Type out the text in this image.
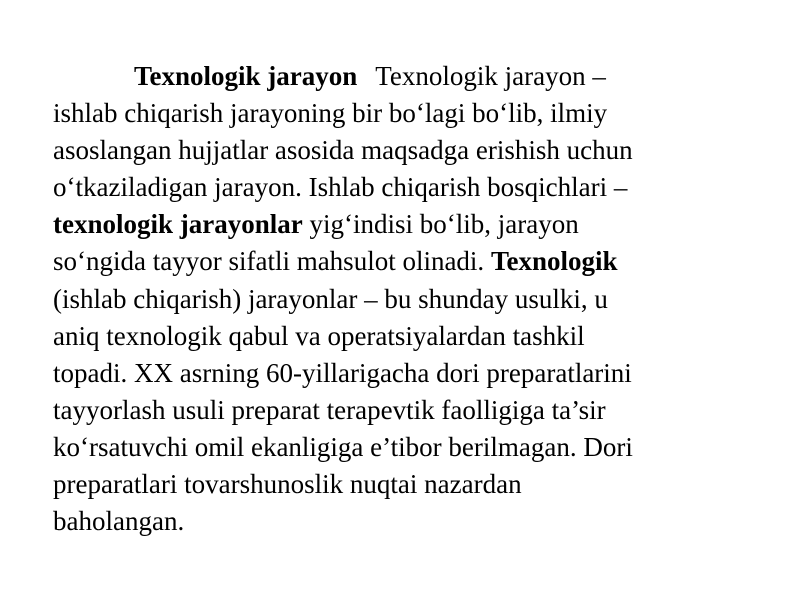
Texnologik jarayon Texnologik jarayon –
ishlab chiqarish jarayoning bir bo‘lagi bo‘lib, ilmiy
asoslangan hujjatlar asosida maqsadga erishish uchun
o‘tkaziladigan jarayon. Ishlab chiqarish bosqichlari –
texnologik jarayonlar yig‘indisi bo‘lib, jarayon
so‘ngida tayyor sifatli mahsulot olinadi. Texnologik
(ishlab chiqarish) jarayonlar – bu shunday usulki, u
aniq texnologik qabul va operatsiyalardan tashkil
topadi. XX asrning 60-yillarigacha dori preparatlarini
tayyorlash usuli preparat terapevtik faolligiga ta’sir
ko‘rsatuvchi omil ekanligiga e’tibor berilmagan. Dori
preparatlari tovarshunoslik nuqtai nazardan
baholangan.
